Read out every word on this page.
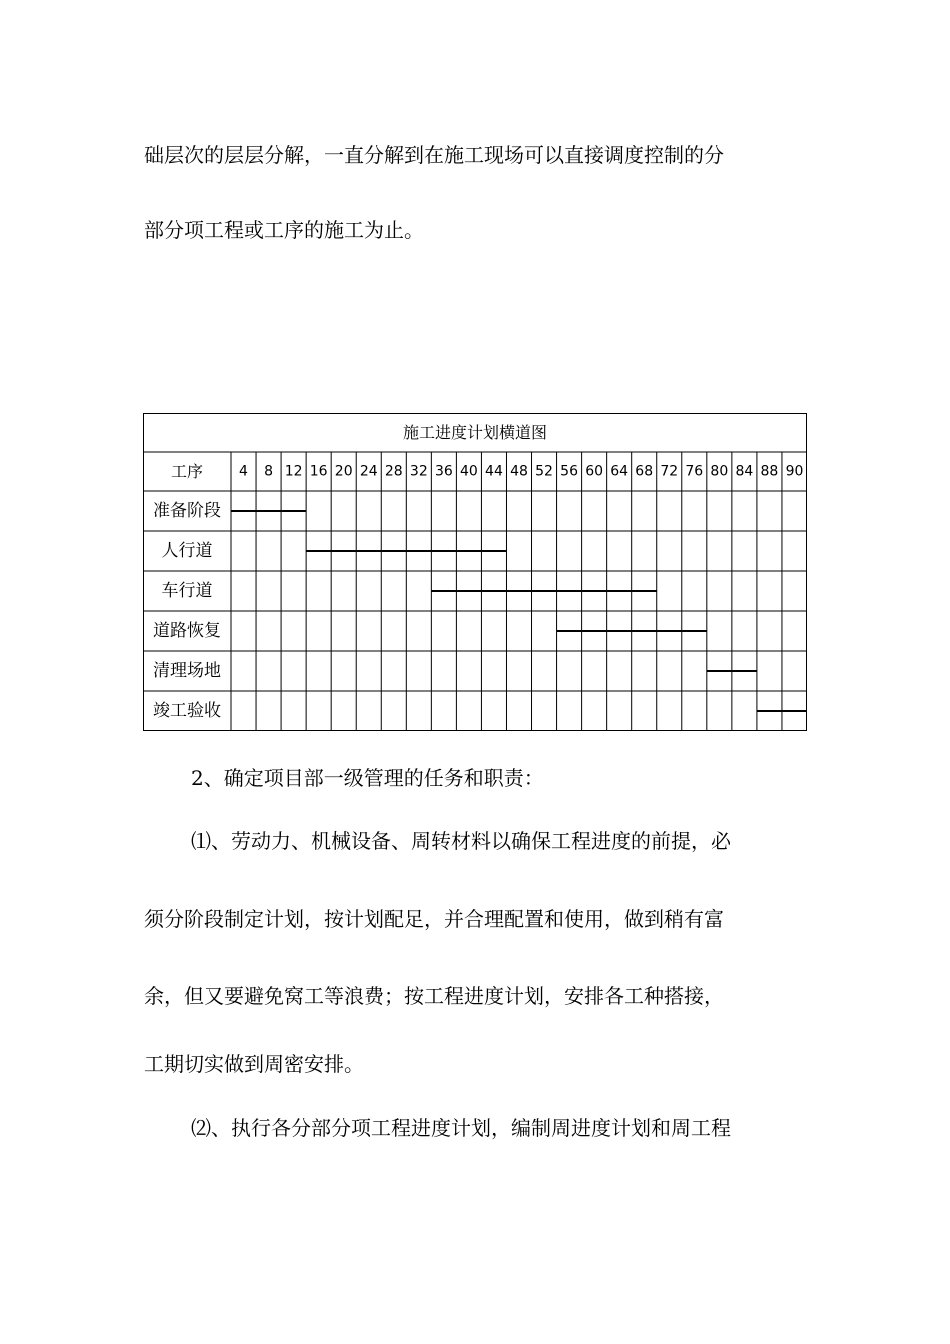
础层次的层层分解，一直分解到在施工现场可以直接调度控制的分

部分项工程或工序的施工为止。

施工进度计划横道图
工序	4 8 12 16 20 24 28 32 36 40 44 48 52 56 60 64 68 72 76 80 84 88 90
准备阶段
人行道
车行道
道路恢复
清理场地
竣工验收

2、确定项目部一级管理的任务和职责：

⑴、劳动力、机械设备、周转材料以确保工程进度的前提，必

须分阶段制定计划，按计划配足，并合理配置和使用，做到稍有富

余，但又要避免窝工等浪费；按工程进度计划，安排各工种搭接，

工期切实做到周密安排。

⑵、执行各分部分项工程进度计划，编制周进度计划和周工程
